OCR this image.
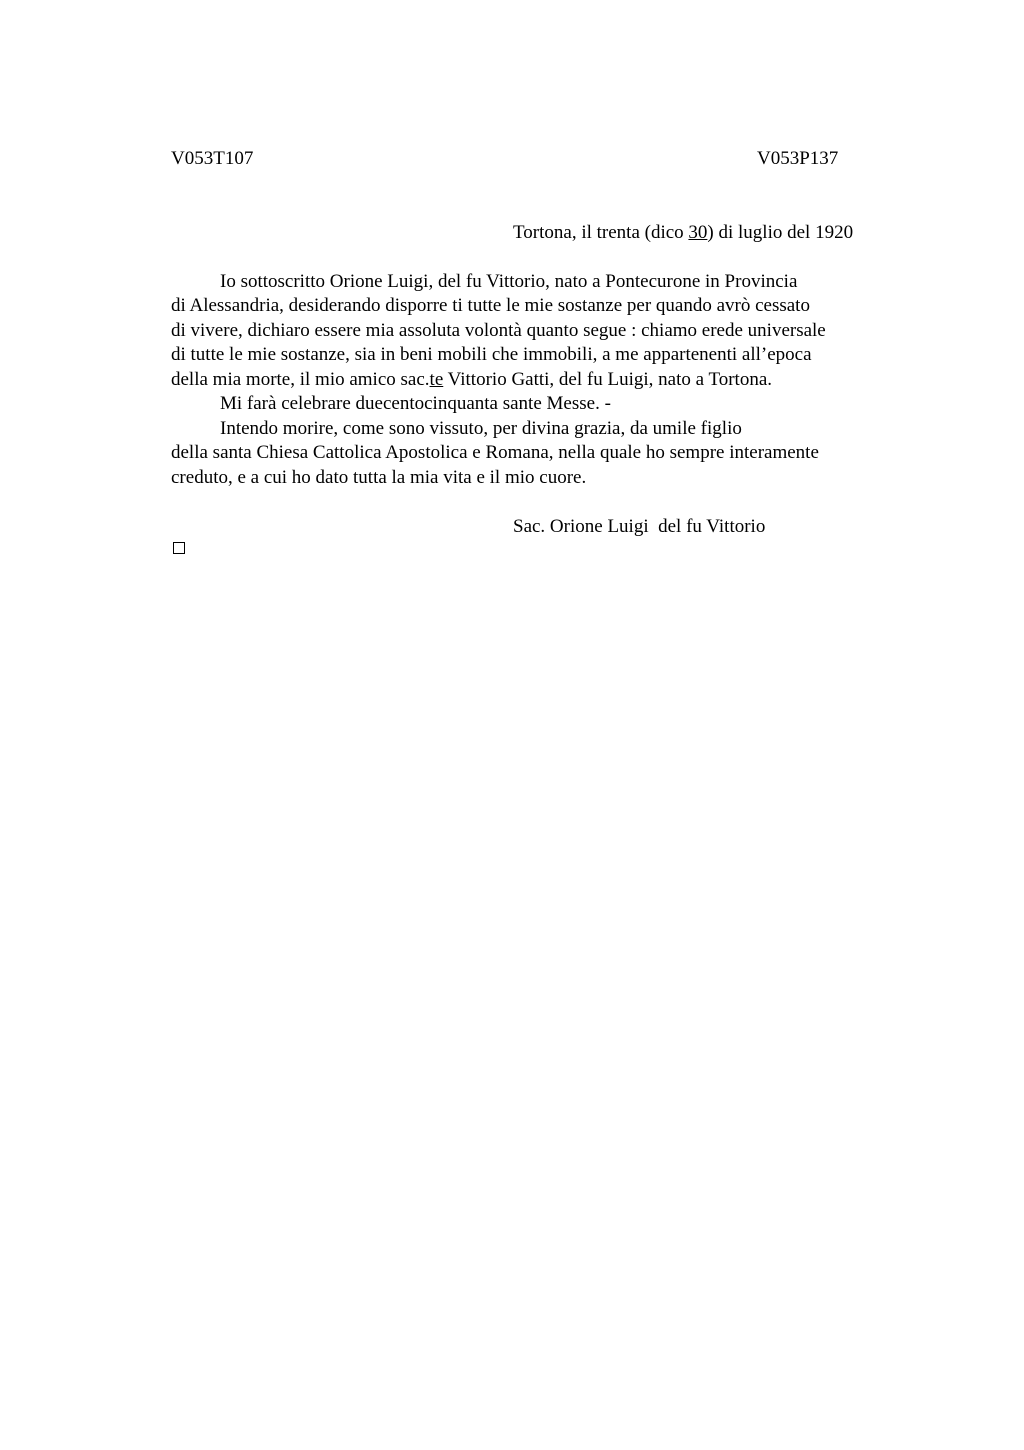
V053T107	V053P137
Tortona, il trenta (dico 30) di luglio del 1920
Io sottoscritto Orione Luigi, del fu Vittorio, nato a Pontecurone in Provincia
di Alessandria, desiderando disporre ti tutte le mie sostanze per quando avrò cessato
di vivere, dichiaro essere mia assoluta volontà quanto segue : chiamo erede universale
di tutte le mie sostanze, sia in beni mobili che immobili, a me appartenenti all’epoca
della mia morte, il mio amico sac.te Vittorio Gatti, del fu Luigi, nato a Tortona.
Mi farà celebrare duecentocinquanta sante Messe. -
Intendo morire, come sono vissuto, per divina grazia, da umile figlio
della santa Chiesa Cattolica Apostolica e Romana, nella quale ho sempre interamente
creduto, e a cui ho dato tutta la mia vita e il mio cuore.
Sac. Orione Luigi  del fu Vittorio
